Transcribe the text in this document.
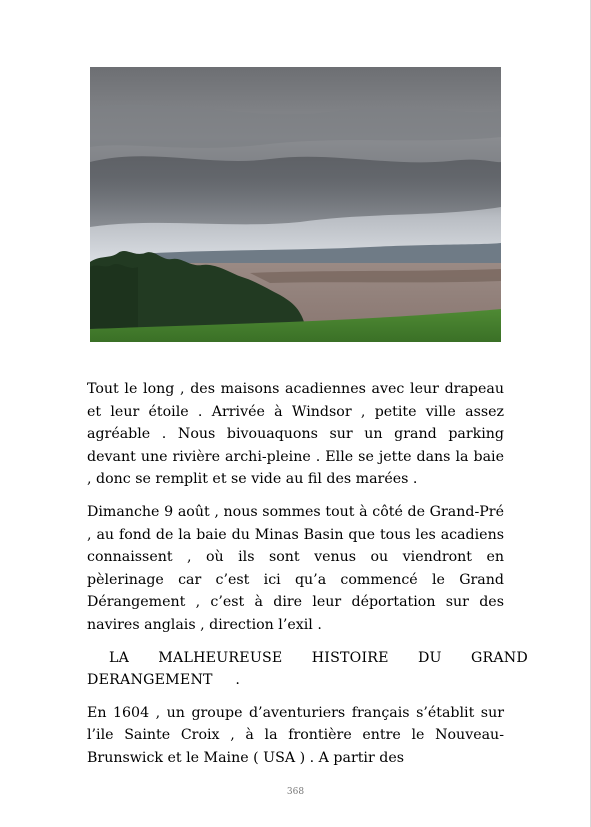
Tout le long , des maisons acadiennes avec leur drapeau et leur étoile . Arrivée à Windsor , petite ville assez agréable . Nous bivouaquons sur un grand parking devant une rivière archi-pleine . Elle se jette dans la baie , donc se remplit et se vide au fil des marées .

Dimanche 9 août , nous sommes tout à côté de Grand-Pré , au fond de la baie du Minas Basin que tous les acadiens connaissent , où ils sont venus ou viendront en pèlerinage car c’est ici qu’a commencé le Grand Dérangement , c’est à dire leur déportation sur des navires anglais , direction l’exil .

LA MALHEUREUSE HISTOIRE DU GRAND DERANGEMENT .

En 1604 , un groupe d’aventuriers français s’établit sur l’ile Sainte Croix , à la frontière entre le Nouveau-Brunswick et le Maine ( USA ) . A partir des

368
